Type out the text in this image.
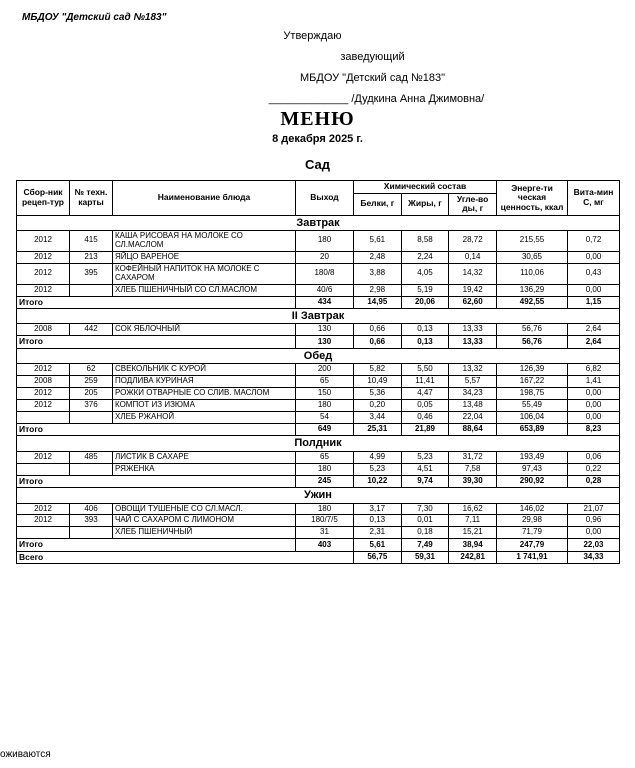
МБДОУ "Детский сад №183"
Утверждаю
заведующий
МБДОУ "Детский сад №183"
_____________ /Дудкина Анна Джимовна/
МЕНЮ
8 декабря 2025 г.
Сад
Сбор-ник рецеп-тур	№ техн. карты	Наименование блюда	Выход	Химический состав			Энерге-ти ческая ценность, ккал	Вита-мин С, мг
				Белки, г	Жиры, г	Угле-во ды, г		
Завтрак								
2012	415	КАША РИСОВАЯ НА МОЛОКЕ СО СЛ.МАСЛОМ	180	5,61	8,58	28,72	215,55	0,72
2012	213	ЯЙЦО ВАРЕНОЕ	20	2,48	2,24	0,14	30,65	0,00
2012	395	КОФЕЙНЫЙ НАПИТОК НА МОЛОКЕ С САХАРОМ	180/8	3,88	4,05	14,32	110,06	0,43
2012		ХЛЕБ ПШЕНИЧНЫЙ СО СЛ.МАСЛОМ	40/6	2,98	5,19	19,42	136,29	0,00
Итого			434	14,95	20,06	62,60	492,55	1,15
II Завтрак								
2008	442	СОК ЯБЛОЧНЫЙ	130	0,66	0,13	13,33	56,76	2,64
Итого			130	0,66	0,13	13,33	56,76	2,64
Обед								
2012	62	СВЕКОЛЬНИК С КУРОЙ	200	5,82	5,50	13,32	126,39	6,82
2008	259	ПОДЛИВА КУРИНАЯ	65	10,49	11,41	5,57	167,22	1,41
2012	205	РОЖКИ ОТВАРНЫЕ СО СЛИВ. МАСЛОМ	150	5,36	4,47	34,23	198,75	0,00
2012	376	КОМПОТ ИЗ ИЗЮМА	180	0,20	0,05	13,48	55,49	0,00
		ХЛЕБ РЖАНОЙ	54	3,44	0,46	22,04	106,04	0,00
Итого			649	25,31	21,89	88,64	653,89	8,23
Полдник								
2012	485	ЛИСТИК В САХАРЕ	65	4,99	5,23	31,72	193,49	0,06
		РЯЖЕНКА	180	5,23	4,51	7,58	97,43	0,22
Итого			245	10,22	9,74	39,30	290,92	0,28
Ужин								
2012	406	ОВОЩИ ТУШЕНЫЕ СО СЛ.МАСЛ.	180	3,17	7,30	16,62	146,02	21,07
2012	393	ЧАЙ С САХАРОМ С ЛИМОНОМ	180/7/5	0,13	0,01	7,11	29,98	0,96
		ХЛЕБ ПШЕНИЧНЫЙ	31	2,31	0,18	15,21	71,79	0,00
Итого			403	5,61	7,49	38,94	247,79	22,03
Всего				56,75	59,31	242,81	1 741,91	34,33
оживаются
